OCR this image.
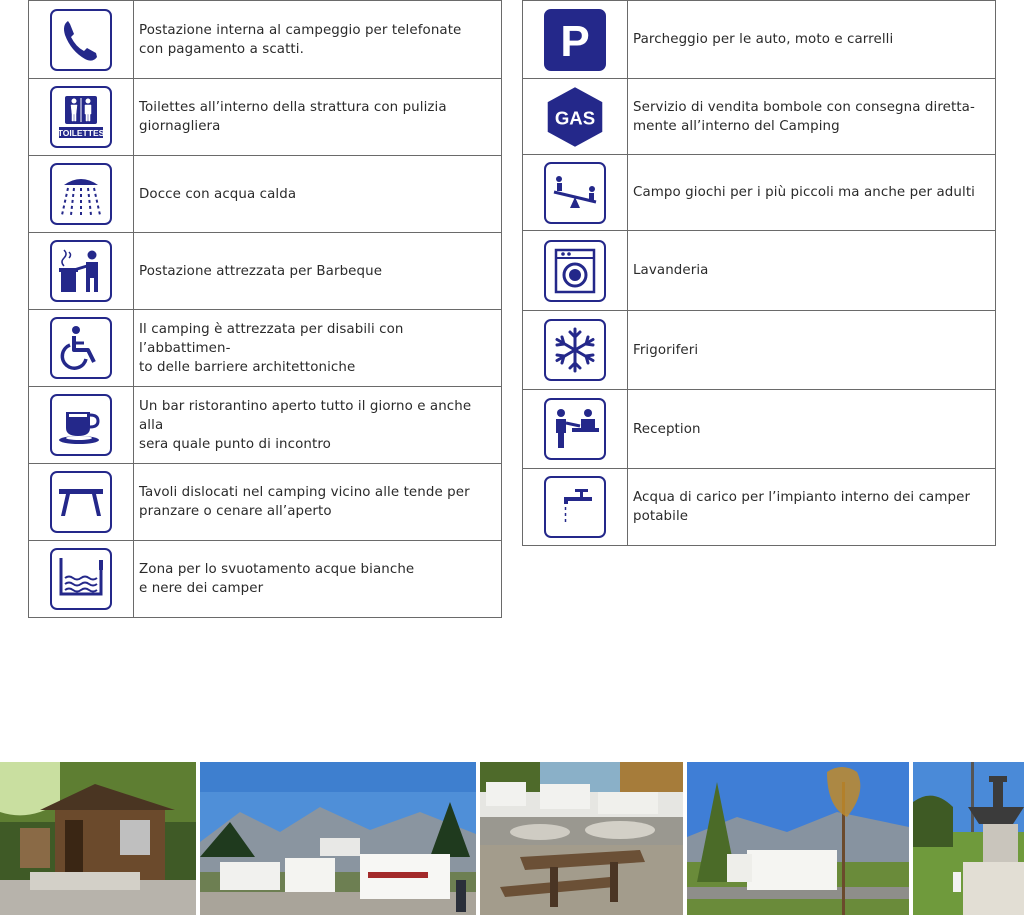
	Postazione interna al campeggio per telefonate
con pagamento a scatti.

TOILETTES	Toilettes all’interno della strattura con pulizia
giornagliera

	Docce con acqua calda

	Postazione attrezzata per Barbeque

	Il camping è attrezzata per disabili con l’abbattimen-
to delle barriere architettoniche

	Un bar ristorantino aperto tutto il giorno e anche alla
sera quale punto di incontro

	Tavoli dislocati nel camping vicino alle tende per
pranzare o cenare all’aperto

	Zona per lo svuotamento acque bianche
e nere dei camper
P	Parcheggio per le auto, moto e carrelli

GAS	Servizio di vendita bombole con consegna diretta-
mente all’interno del Camping

	Campo giochi per i più piccoli ma anche per adulti

	Lavanderia

	Frigoriferi

	Reception

	Acqua di carico per l’impianto interno dei camper
potabile
